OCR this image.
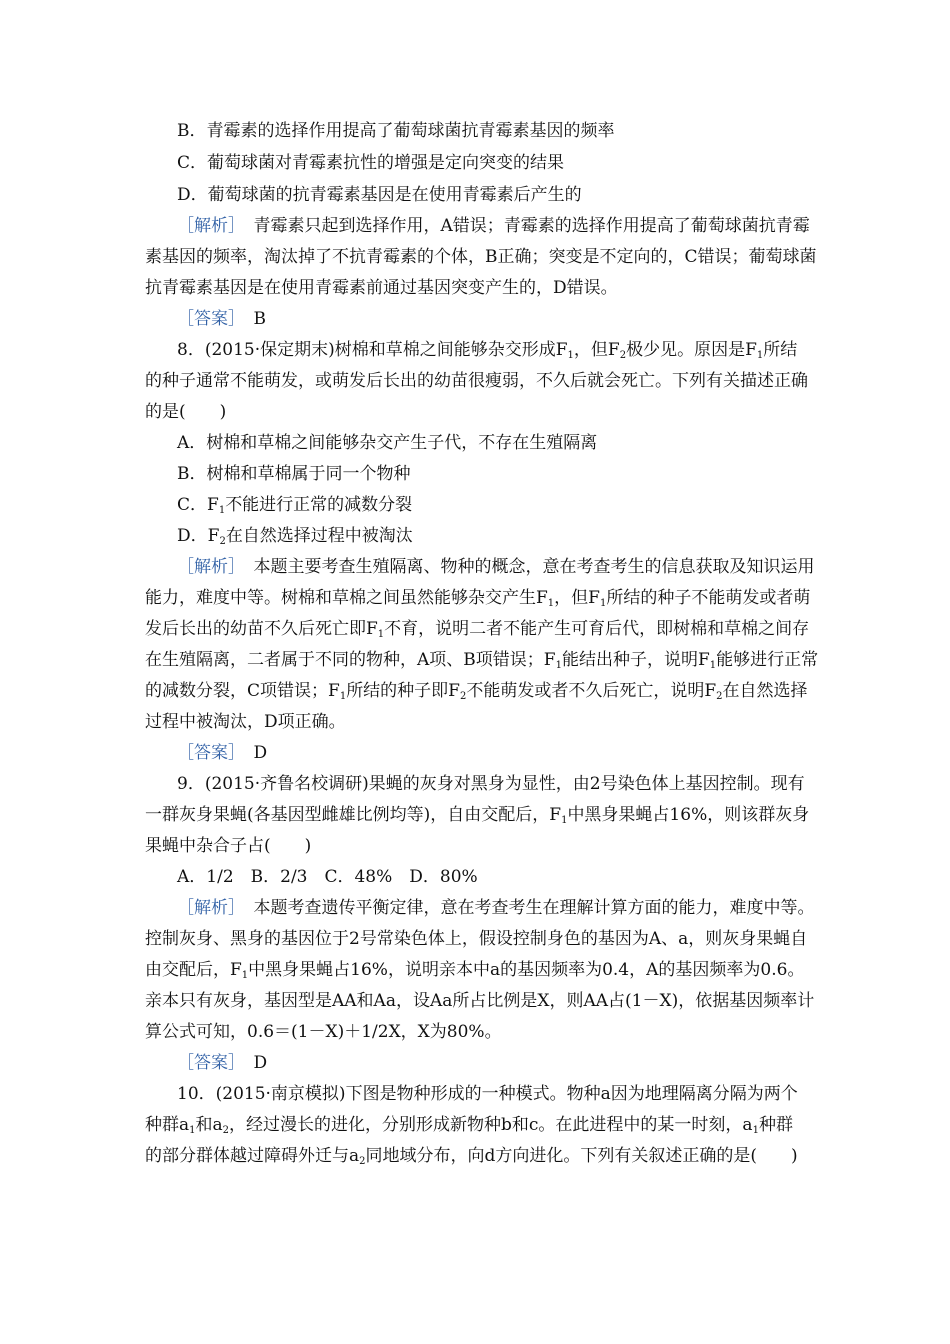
B．青霉素的选择作用提高了葡萄球菌抗青霉素基因的频率
C．葡萄球菌对青霉素抗性的增强是定向突变的结果
D．葡萄球菌的抗青霉素基因是在使用青霉素后产生的
［解析］　青霉素只起到选择作用，A错误；青霉素的选择作用提高了葡萄球菌抗青霉
素基因的频率，淘汰掉了不抗青霉素的个体，B正确；突变是不定向的，C错误；葡萄球菌
抗青霉素基因是在使用青霉素前通过基因突变产生的，D错误。
［答案］　B
8．(2015·保定期末)树棉和草棉之间能够杂交形成$F_1$，但$F_2$极少见。原因是$F_1$所结
的种子通常不能萌发，或萌发后长出的幼苗很瘦弱，不久后就会死亡。下列有关描述正确
的是(　　)
A．树棉和草棉之间能够杂交产生子代，不存在生殖隔离
B．树棉和草棉属于同一个物种
C．$F_1$不能进行正常的减数分裂
D．$F_2$在自然选择过程中被淘汰
［解析］　本题主要考查生殖隔离、物种的概念，意在考查考生的信息获取及知识运用
能力，难度中等。树棉和草棉之间虽然能够杂交产生$F_1$，但$F_1$所结的种子不能萌发或者萌
发后长出的幼苗不久后死亡即$F_1$不育，说明二者不能产生可育后代，即树棉和草棉之间存
在生殖隔离，二者属于不同的物种，A项、B项错误；$F_1$能结出种子，说明$F_1$能够进行正常
的减数分裂，C项错误；$F_1$所结的种子即$F_2$不能萌发或者不久后死亡，说明$F_2$在自然选择
过程中被淘汰，D项正确。
［答案］　D
9．(2015·齐鲁名校调研)果蝇的灰身对黑身为显性，由2号染色体上基因控制。现有
一群灰身果蝇(各基因型雌雄比例均等)，自由交配后，$F_1$中黑身果蝇占16%，则该群灰身
果蝇中杂合子占(　　)
A．1/2　B．2/3　C．48%　D．80%
［解析］　本题考查遗传平衡定律，意在考查考生在理解计算方面的能力，难度中等。
控制灰身、黑身的基因位于2号常染色体上，假设控制身色的基因为A、a，则灰身果蝇自
由交配后，$F_1$中黑身果蝇占16%，说明亲本中a的基因频率为0.4，A的基因频率为0.6。
亲本只有灰身，基因型是AA和Aa，设Aa所占比例是X，则AA占(1－X)，依据基因频率计
算公式可知，0.6＝(1－X)＋1/2X，X为80%。
［答案］　D
10．(2015·南京模拟)下图是物种形成的一种模式。物种a因为地理隔离分隔为两个
种群$a_1$和$a_2$，经过漫长的进化，分别形成新物种b和c。在此进程中的某一时刻，$a_1$种群
的部分群体越过障碍外迁与$a_2$同地域分布，向d方向进化。下列有关叙述正确的是(　　)
